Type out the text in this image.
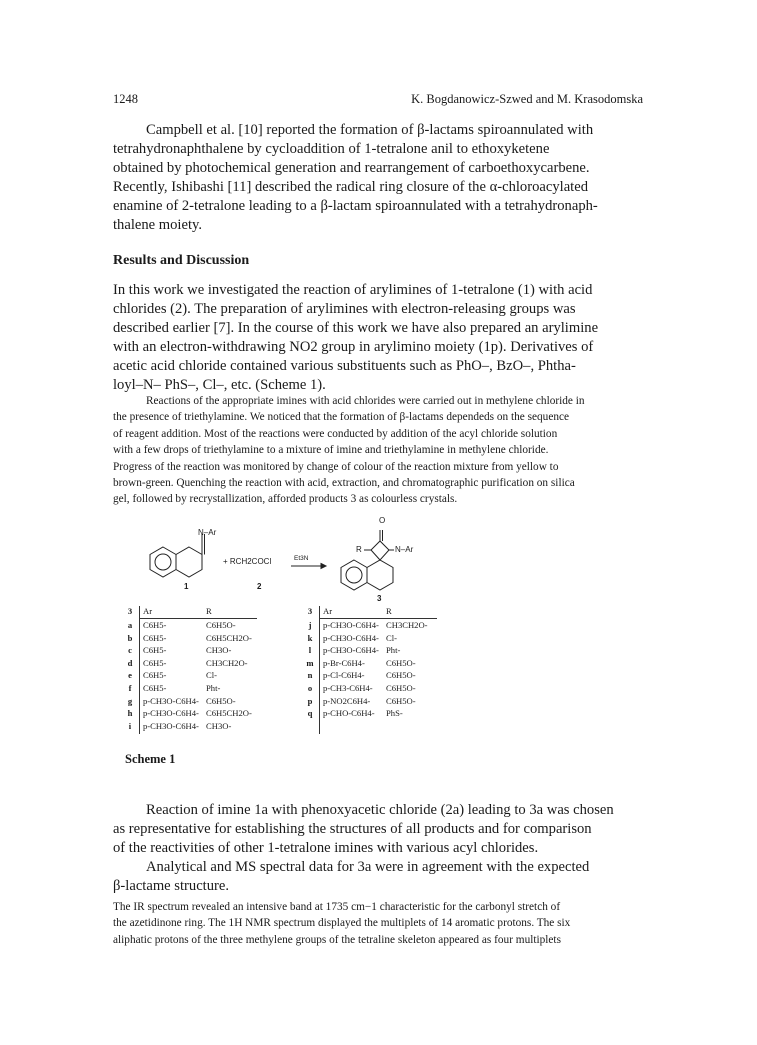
1248	K. Bogdanowicz-Szwed and M. Krasodomska

Campbell et al. [10] reported the formation of β-lactams spiroannulated with

tetrahydronaphthalene by cycloaddition of 1-tetralone anil to ethoxyketene

obtained by photochemical generation and rearrangement of carboethoxycarbene.

Recently, Ishibashi [11] described the radical ring closure of the α-chloroacylated

enamine of 2-tetralone leading to a β-lactam spiroannulated with a tetrahydronaph-

thalene moiety.

Results and Discussion

In this work we investigated the reaction of arylimines of 1-tetralone (1) with acid

chlorides (2). The preparation of arylimines with electron-releasing groups was

described earlier [7]. In the course of this work we have also prepared an arylimine

with an electron-withdrawing NO2 group in arylimino moiety (1p). Derivatives of

acetic acid chloride contained various substituents such as PhO–, BzO–, Phtha-

loyl–N– PhS–, Cl–, etc. (Scheme 1).

Reactions of the appropriate imines with acid chlorides were carried out in methylene chloride in

the presence of triethylamine. We noticed that the formation of β-lactams dependeds on the sequence

of reagent addition. Most of the reactions were conducted by addition of the acyl chloride solution

with a few drops of triethylamine to a mixture of imine and triethylamine in methylene chloride.

Progress of the reaction was monitored by change of colour of the reaction mixture from yellow to

brown-green. Quenching the reaction with acid, extraction, and chromatographic purification on silica

gel, followed by recrystallization, afforded products 3 as colourless crystals.

N–Ar
+ RCH2COCl	Et3N
O
R	N–Ar
1	2
3
3	Ar	R
a	C6H5-	C6H5O-
b	C6H5-	C6H5CH2O-
c	C6H5-	CH3O-
d	C6H5-	CH3CH2O-
e	C6H5-	Cl-
f	C6H5-	Pht-
g	p-CH3O-C6H4- C6H5O-
h	p-CH3O-C6H4- C6H5CH2O-
i	p-CH3O-C6H4- CH3O-
3	Ar	R
j	p-CH3O-C6H4- CH3CH2O-
k	p-CH3O-C6H4- Cl-
l	p-CH3O-C6H4- Pht-
m	p-Br-C6H4- C6H5O-
n	p-Cl-C6H4- C6H5O-
o	p-CH3-C6H4- C6H5O-
p	p-NO2C6H4- C6H5O-
q	p-CHO-C6H4- PhS-
Scheme 1

Reaction of imine 1a with phenoxyacetic chloride (2a) leading to 3a was chosen

as representative for establishing the structures of all products and for comparison

of the reactivities of other 1-tetralone imines with various acyl chlorides.

Analytical and MS spectral data for 3a were in agreement with the expected

β-lactame structure.

The IR spectrum revealed an intensive band at 1735 cm−1 characteristic for the carbonyl stretch of

the azetidinone ring. The 1H NMR spectrum displayed the multiplets of 14 aromatic protons. The six

aliphatic protons of the three methylene groups of the tetraline skeleton appeared as four multiplets
